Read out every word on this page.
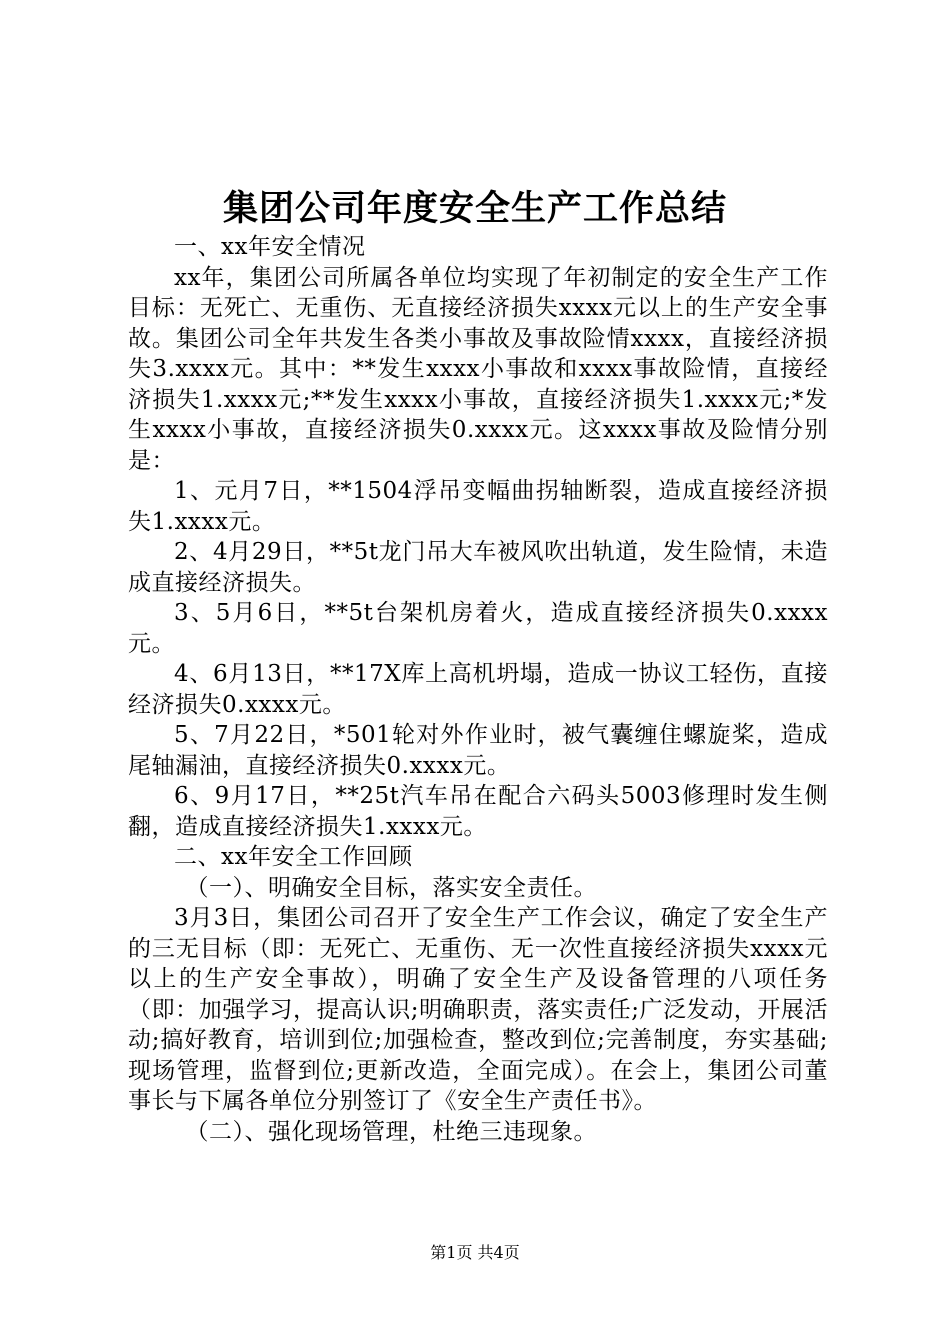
集团公司年度安全生产工作总结

一、xx年安全情况

xx年，集团公司所属各单位均实现了年初制定的安全生产工作目标：无死亡、无重伤、无直接经济损失xxxx元以上的生产安全事故。集团公司全年共发生各类小事故及事故险情xxxx，直接经济损失3.xxxx元。其中：**发生xxxx小事故和xxxx事故险情，直接经济损失1.xxxx元;**发生xxxx小事故，直接经济损失1.xxxx元;*发生xxxx小事故，直接经济损失0.xxxx元。这xxxx事故及险情分别是：

1、元月7日，**1504浮吊变幅曲拐轴断裂，造成直接经济损失1.xxxx元。

2、4月29日，**5t龙门吊大车被风吹出轨道，发生险情，未造成直接经济损失。

3、5月6日，**5t台架机房着火，造成直接经济损失0.xxxx元。

4、6月13日，**17X库上高机坍塌，造成一协议工轻伤，直接经济损失0.xxxx元。

5、7月22日，*501轮对外作业时，被气囊缠住螺旋桨，造成尾轴漏油，直接经济损失0.xxxx元。

6、9月17日，**25t汽车吊在配合六码头5003修理时发生侧翻，造成直接经济损失1.xxxx元。

二、xx年安全工作回顾

（一）、明确安全目标，落实安全责任。

3月3日，集团公司召开了安全生产工作会议，确定了安全生产的三无目标（即：无死亡、无重伤、无一次性直接经济损失xxxx元以上的生产安全事故），明确了安全生产及设备管理的八项任务（即：加强学习，提高认识;明确职责，落实责任;广泛发动，开展活动;搞好教育，培训到位;加强检查，整改到位;完善制度，夯实基础;现场管理，监督到位;更新改造，全面完成）。在会上，集团公司董事长与下属各单位分别签订了《安全生产责任书》。

（二）、强化现场管理，杜绝三违现象。

第1页 共4页
